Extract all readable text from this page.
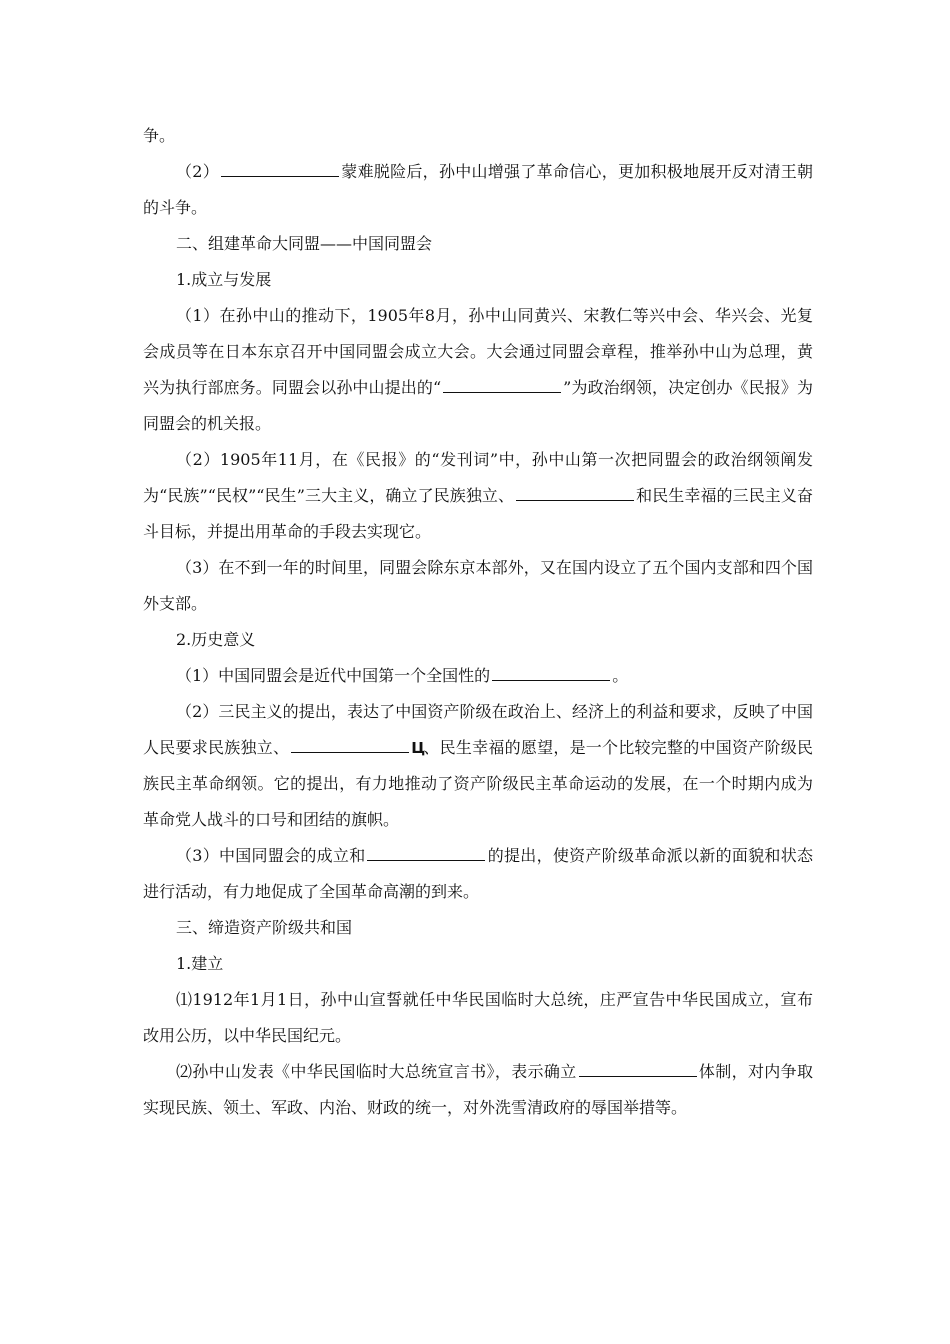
争。

（2）	蒙难脱险后，孙中山增强了革命信心，更加积极地展开反对清王朝的斗争。

二、组建革命大同盟——中国同盟会

1.成立与发展

（1）在孙中山的推动下，1905年8月，孙中山同黄兴、宋教仁等兴中会、华兴会、光复会成员等在日本东京召开中国同盟会成立大会。大会通过同盟会章程，推举孙中山为总理，黄兴为执行部庶务。同盟会以孙中山提出的“	”为政治纲领，决定创办《民报》为同盟会的机关报。

（2）1905年11月，在《民报》的“发刊词”中，孙中山第一次把同盟会的政治纲领阐发为“民族”“民权”“民生”三大主义，确立了民族独立、	和民生幸福的三民主义奋斗目标，并提出用革命的手段去实现它。

（3）在不到一年的时间里，同盟会除东京本部外，又在国内设立了五个国内支部和四个国外支部。

2.历史意义

（1）中国同盟会是近代中国第一个全国性的	。

（2）三民主义的提出，表达了中国资产阶级在政治上、经济上的利益和要求，反映了中国人民要求民族独立、	Ц、民生幸福的愿望，是一个比较完整的中国资产阶级民族民主革命纲领。它的提出，有力地推动了资产阶级民主革命运动的发展，在一个时期内成为革命党人战斗的口号和团结的旗帜。

（3）中国同盟会的成立和	的提出，使资产阶级革命派以新的面貌和状态进行活动，有力地促成了全国革命高潮的到来。

三、缔造资产阶级共和国

1.建立

⑴1912年1月1日，孙中山宣誓就任中华民国临时大总统，庄严宣告中华民国成立，宣布改用公历，以中华民国纪元。

⑵孙中山发表《中华民国临时大总统宣言书》，表示确立	体制，对内争取实现民族、领土、军政、内治、财政的统一，对外洗雪清政府的辱国举措等。
